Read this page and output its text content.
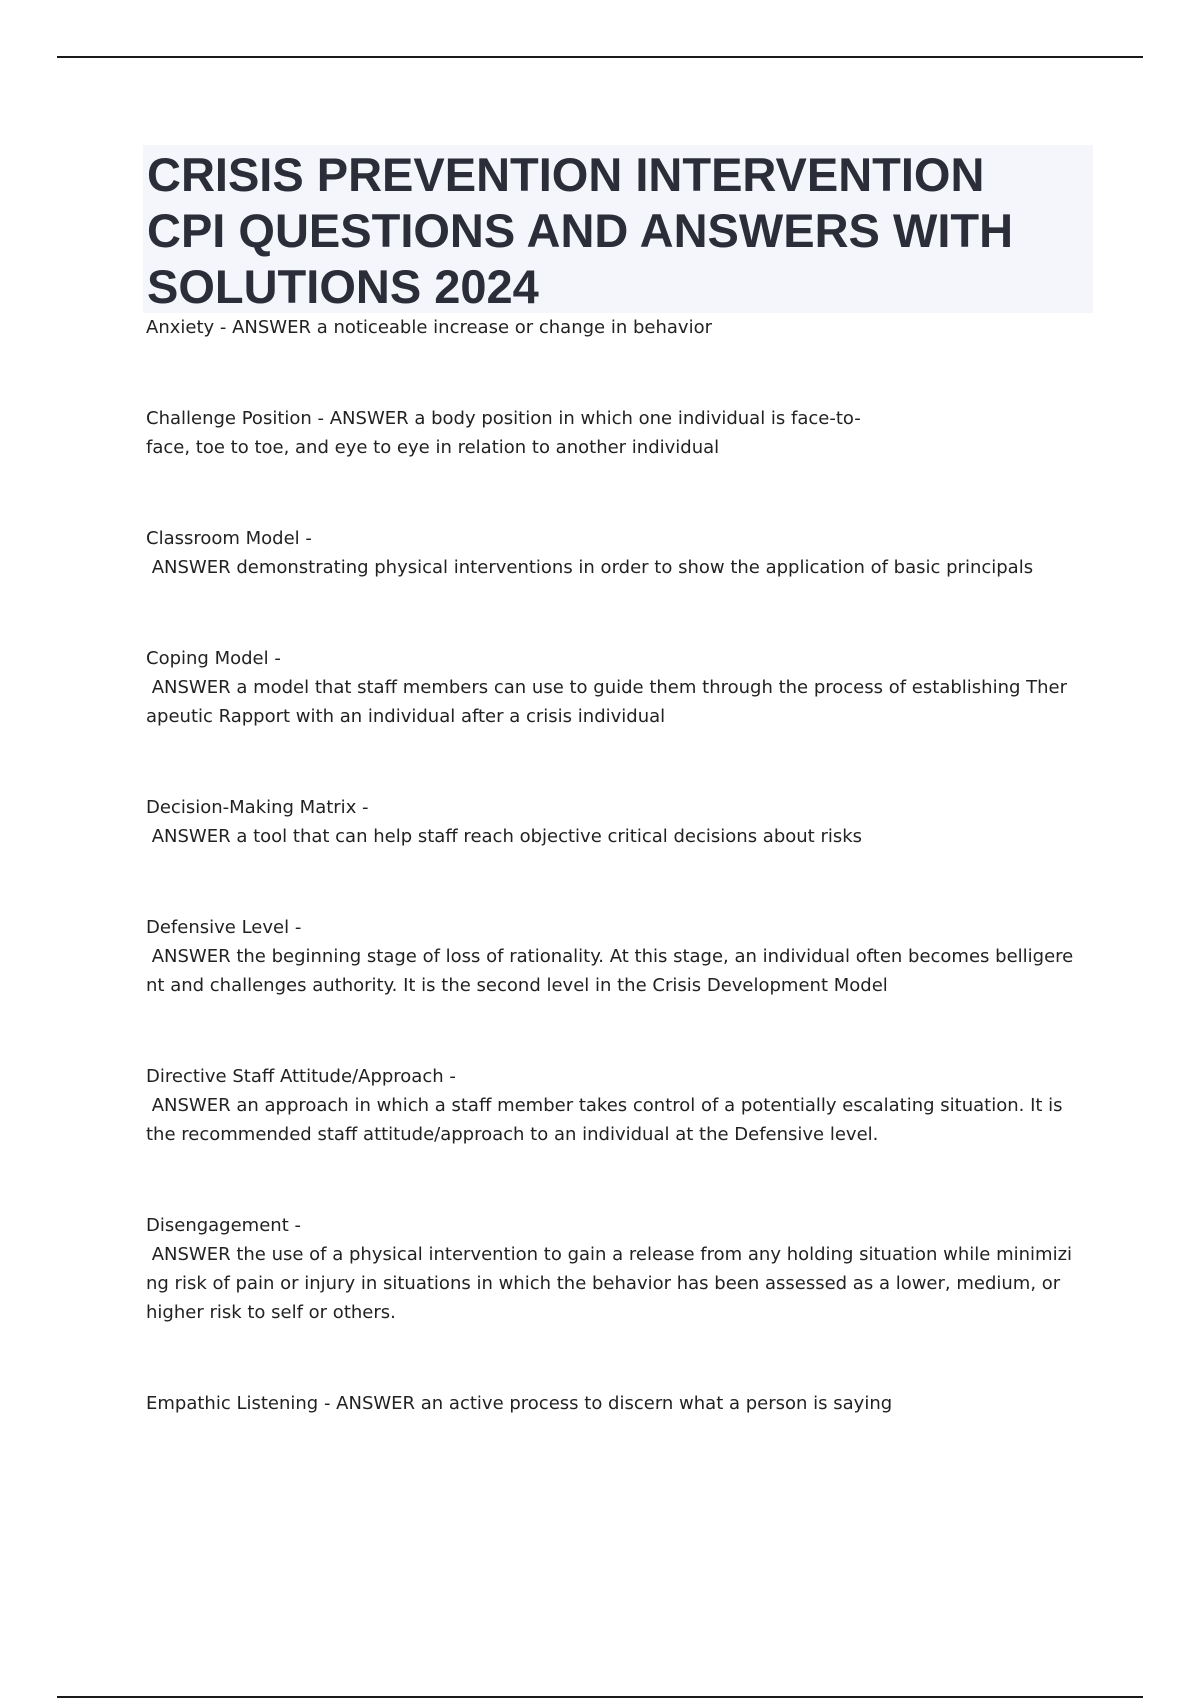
CRISIS PREVENTION INTERVENTION
CPI QUESTIONS AND ANSWERS WITH
SOLUTIONS 2024
Anxiety - ANSWER a noticeable increase or change in behavior
Challenge Position - ANSWER a body position in which one individual is face-to-
face, toe to toe, and eye to eye in relation to another individual
Classroom Model -
ANSWER demonstrating physical interventions in order to show the application of basic principals
Coping Model -
ANSWER a model that staff members can use to guide them through the process of establishing Ther
apeutic Rapport with an individual after a crisis individual
Decision-Making Matrix -
ANSWER a tool that can help staff reach objective critical decisions about risks
Defensive Level -
ANSWER the beginning stage of loss of rationality. At this stage, an individual often becomes belligere
nt and challenges authority. It is the second level in the Crisis Development Model
Directive Staff Attitude/Approach -
ANSWER an approach in which a staff member takes control of a potentially escalating situation. It is
the recommended staff attitude/approach to an individual at the Defensive level.
Disengagement -
ANSWER the use of a physical intervention to gain a release from any holding situation while minimizi
ng risk of pain or injury in situations in which the behavior has been assessed as a lower, medium, or
higher risk to self or others.
Empathic Listening - ANSWER an active process to discern what a person is saying
